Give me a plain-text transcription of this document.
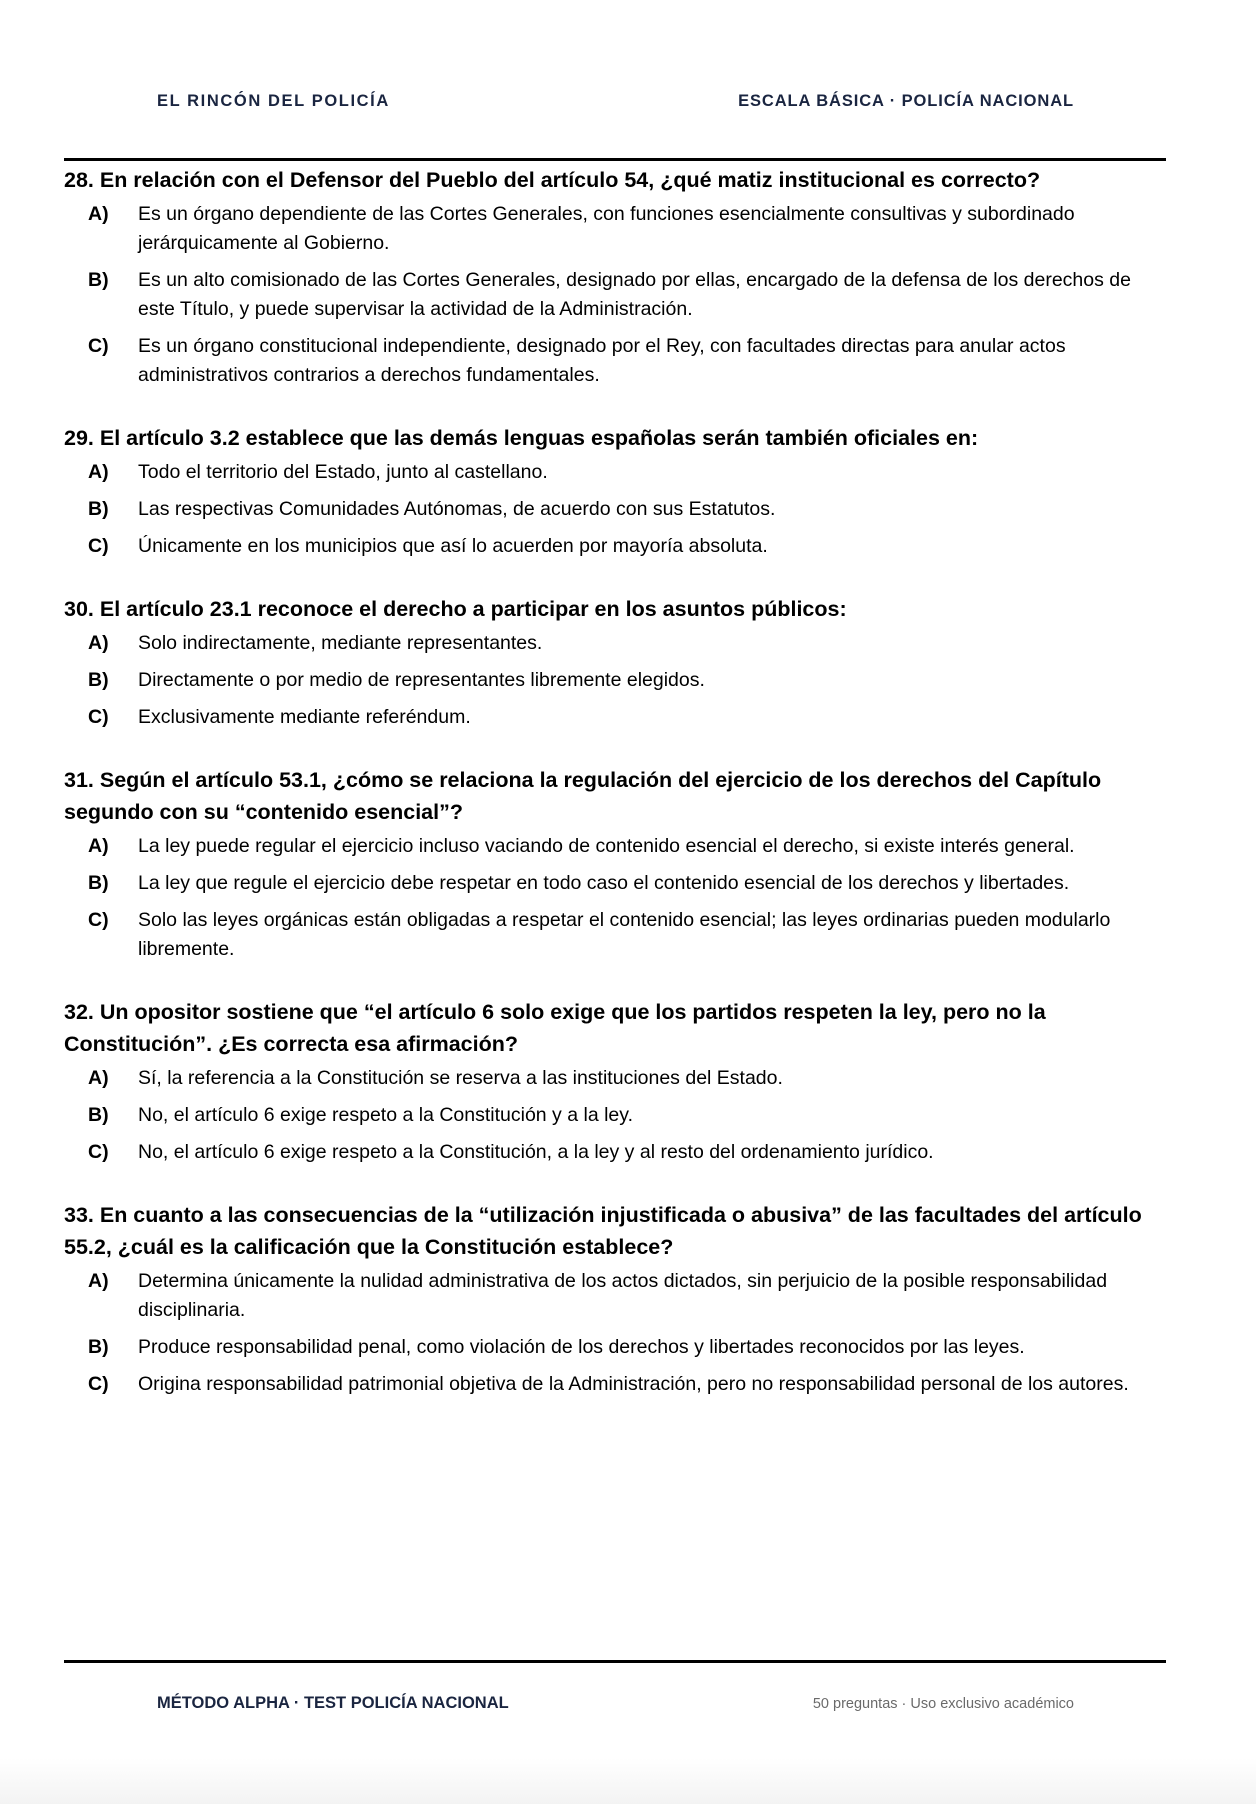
EL RINCÓN DEL POLICÍA	ESCALA BÁSICA · POLICÍA NACIONAL
28. En relación con el Defensor del Pueblo del artículo 54, ¿qué matiz institucional es correcto?
A) Es un órgano dependiente de las Cortes Generales, con funciones esencialmente consultivas y subordinado jerárquicamente al Gobierno.
B) Es un alto comisionado de las Cortes Generales, designado por ellas, encargado de la defensa de los derechos de este Título, y puede supervisar la actividad de la Administración.
C) Es un órgano constitucional independiente, designado por el Rey, con facultades directas para anular actos administrativos contrarios a derechos fundamentales.
29. El artículo 3.2 establece que las demás lenguas españolas serán también oficiales en:
A) Todo el territorio del Estado, junto al castellano.
B) Las respectivas Comunidades Autónomas, de acuerdo con sus Estatutos.
C) Únicamente en los municipios que así lo acuerden por mayoría absoluta.
30. El artículo 23.1 reconoce el derecho a participar en los asuntos públicos:
A) Solo indirectamente, mediante representantes.
B) Directamente o por medio de representantes libremente elegidos.
C) Exclusivamente mediante referéndum.
31. Según el artículo 53.1, ¿cómo se relaciona la regulación del ejercicio de los derechos del Capítulo segundo con su “contenido esencial”?
A) La ley puede regular el ejercicio incluso vaciando de contenido esencial el derecho, si existe interés general.
B) La ley que regule el ejercicio debe respetar en todo caso el contenido esencial de los derechos y libertades.
C) Solo las leyes orgánicas están obligadas a respetar el contenido esencial; las leyes ordinarias pueden modularlo libremente.
32. Un opositor sostiene que “el artículo 6 solo exige que los partidos respeten la ley, pero no la Constitución”. ¿Es correcta esa afirmación?
A) Sí, la referencia a la Constitución se reserva a las instituciones del Estado.
B) No, el artículo 6 exige respeto a la Constitución y a la ley.
C) No, el artículo 6 exige respeto a la Constitución, a la ley y al resto del ordenamiento jurídico.
33. En cuanto a las consecuencias de la “utilización injustificada o abusiva” de las facultades del artículo 55.2, ¿cuál es la calificación que la Constitución establece?
A) Determina únicamente la nulidad administrativa de los actos dictados, sin perjuicio de la posible responsabilidad disciplinaria.
B) Produce responsabilidad penal, como violación de los derechos y libertades reconocidos por las leyes.
C) Origina responsabilidad patrimonial objetiva de la Administración, pero no responsabilidad personal de los autores.
MÉTODO ALPHA · TEST POLICÍA NACIONAL	50 preguntas · Uso exclusivo académico
